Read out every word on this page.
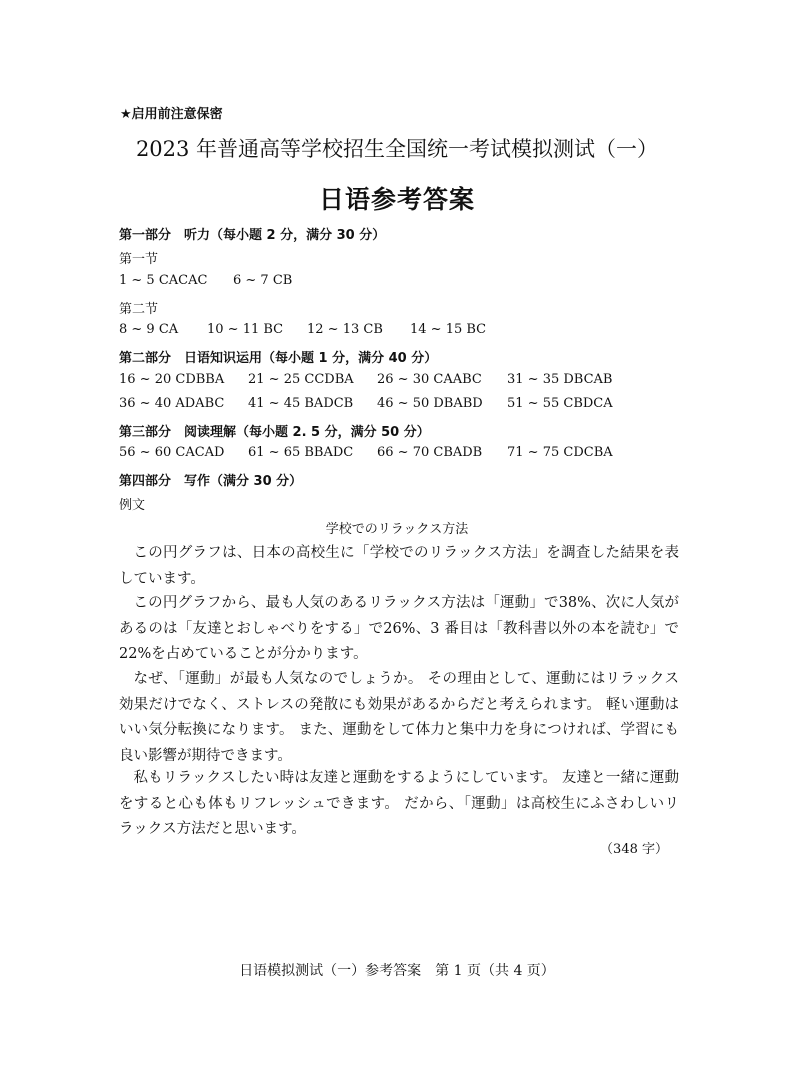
★启用前注意保密
2023 年普通高等学校招生全国统一考试模拟测试（一）
日语参考答案
第一部分　听力（每小题 2 分，满分 30 分）
第一节
1 ~ 5 CACAC 6 ~ 7 CB
第二节
8 ~ 9 CA 10 ~ 11 BC 12 ~ 13 CB 14 ~ 15 BC
第二部分　日语知识运用（每小题 1 分，满分 40 分）
16 ~ 20 CDBBA 21 ~ 25 CCDBA 26 ~ 30 CAABC 31 ~ 35 DBCAB
36 ~ 40 ADABC 41 ~ 45 BADCB 46 ~ 50 DBABD 51 ~ 55 CBDCA
第三部分　阅读理解（每小题 2. 5 分，满分 50 分）
56 ~ 60 CACAD 61 ~ 65 BBADC 66 ~ 70 CBADB 71 ~ 75 CDCBA
第四部分　写作（满分 30 分）
例文
学校でのリラックス方法

この円グラフは、日本の高校生に「学校でのリラックス方法」を調査した結果を表しています。

この円グラフから、最も人気のあるリラックス方法は「運動」で38%、次に人気があるのは「友達とおしゃべりをする」で26%、3 番目は「教科書以外の本を読む」で22%を占めていることが分かります。

なぜ、「運動」が最も人気なのでしょうか。 その理由として、運動にはリラックス効果だけでなく、ストレスの発散にも効果があるからだと考えられます。 軽い運動はいい気分転換になります。 また、運動をして体力と集中力を身につければ、学習にも良い影響が期待できます。

私もリラックスしたい時は友達と運動をするようにしています。 友達と一緒に運動をすると心も体もリフレッシュできます。 だから、「運動」は高校生にふさわしいリラックス方法だと思います。

（348 字）
日语模拟测试（一）参考答案　第 1 页（共 4 页）
